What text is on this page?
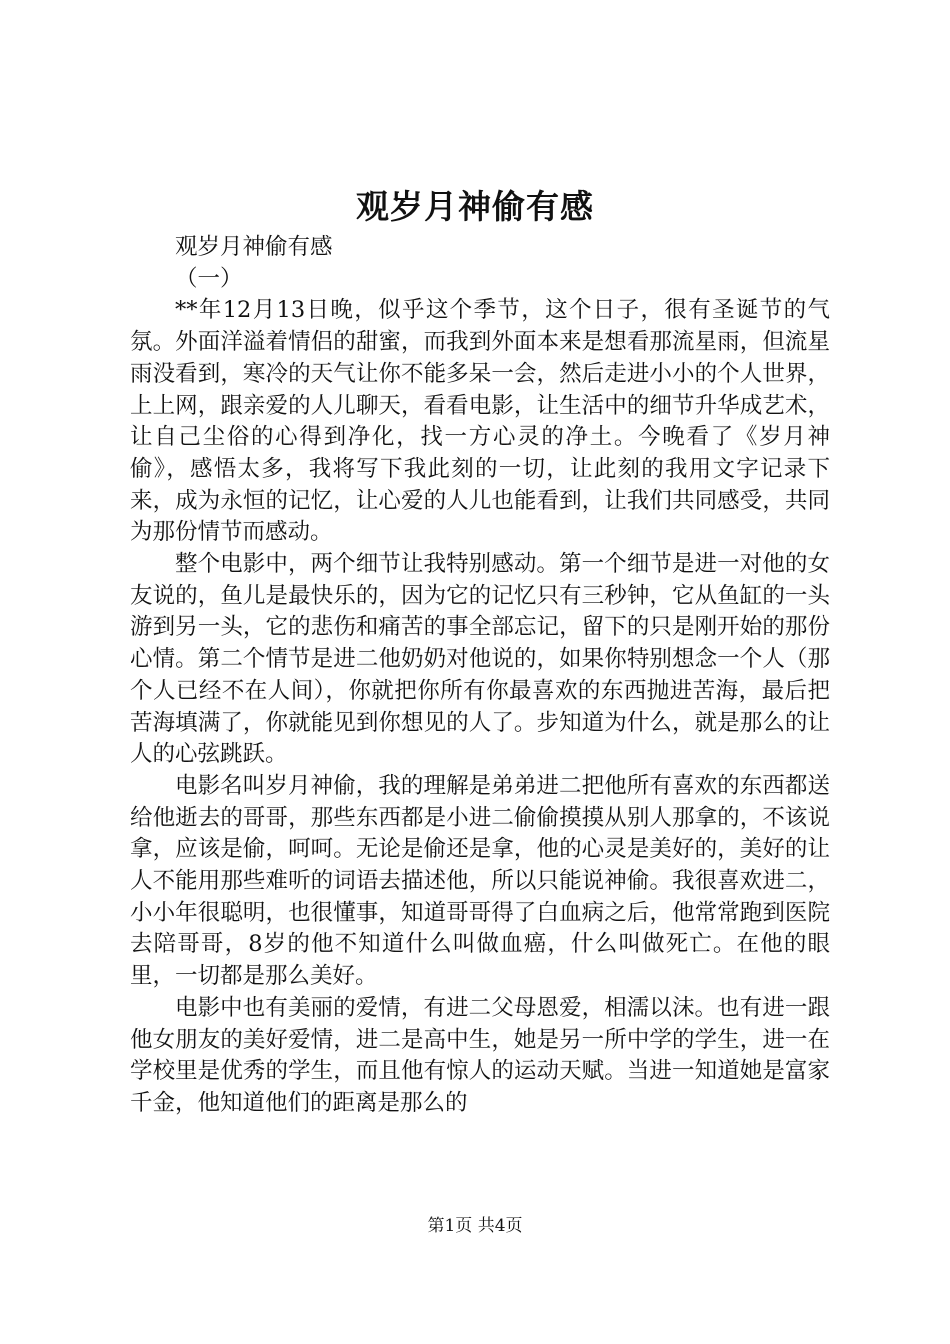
观岁月神偷有感

观岁月神偷有感

（一）

**年12月13日晚，似乎这个季节，这个日子，很有圣诞节的气氛。外面洋溢着情侣的甜蜜，而我到外面本来是想看那流星雨，但流星雨没看到，寒冷的天气让你不能多呆一会，然后走进小小的个人世界，上上网，跟亲爱的人儿聊天，看看电影，让生活中的细节升华成艺术，让自己尘俗的心得到净化，找一方心灵的净土。今晚看了《岁月神偷》，感悟太多，我将写下我此刻的一切，让此刻的我用文字记录下来，成为永恒的记忆，让心爱的人儿也能看到，让我们共同感受，共同为那份情节而感动。

整个电影中，两个细节让我特别感动。第一个细节是进一对他的女友说的，鱼儿是最快乐的，因为它的记忆只有三秒钟，它从鱼缸的一头游到另一头，它的悲伤和痛苦的事全部忘记，留下的只是刚开始的那份心情。第二个情节是进二他奶奶对他说的，如果你特别想念一个人（那个人已经不在人间），你就把你所有你最喜欢的东西抛进苦海，最后把苦海填满了，你就能见到你想见的人了。步知道为什么，就是那么的让人的心弦跳跃。

电影名叫岁月神偷，我的理解是弟弟进二把他所有喜欢的东西都送给他逝去的哥哥，那些东西都是小进二偷偷摸摸从别人那拿的，不该说拿，应该是偷，呵呵。无论是偷还是拿，他的心灵是美好的，美好的让人不能用那些难听的词语去描述他，所以只能说神偷。我很喜欢进二，小小年很聪明，也很懂事，知道哥哥得了白血病之后，他常常跑到医院去陪哥哥，8岁的他不知道什么叫做血癌，什么叫做死亡。在他的眼里，一切都是那么美好。

电影中也有美丽的爱情，有进二父母恩爱，相濡以沫。也有进一跟他女朋友的美好爱情，进二是高中生，她是另一所中学的学生，进一在学校里是优秀的学生，而且他有惊人的运动天赋。当进一知道她是富家千金，他知道他们的距离是那么的

第1页 共4页
